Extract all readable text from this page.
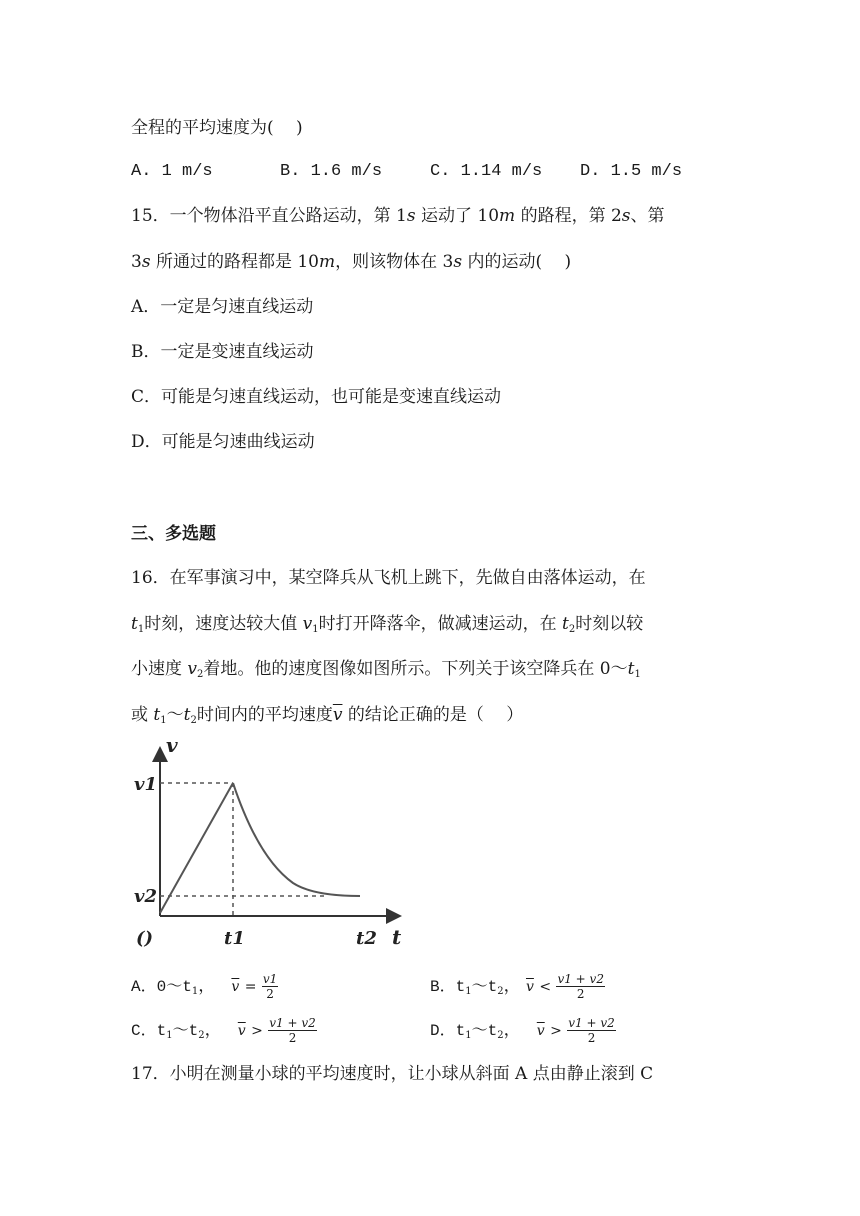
全程的平均速度为(　 )
A. 1 m/s	B. 1.6 m/s	C. 1.14 m/s D. 1.5 m/s
15．一个物体沿平直公路运动，第 1s 运动了 10m 的路程，第 2s、第
3s 所通过的路程都是 10m，则该物体在 3s 内的运动(　 )
A．一定是匀速直线运动
B．一定是变速直线运动
C．可能是匀速直线运动，也可能是变速直线运动
D．可能是匀速曲线运动
三、多选题
16．在军事演习中，某空降兵从飞机上跳下，先做自由落体运动，在
$t_1$时刻，速度达较大值 $v_1$时打开降落伞，做减速运动，在 $t_2$时刻以较
小速度 $v_2$着地。他的速度图像如图所示。下列关于该空降兵在 $0\sim t_1$
或 $t_1\sim t_2$时间内的平均速度$\overline{v}$ 的结论正确的是（　 ）
v
t
()
v1
v2
t1	t2
A．$0\sim t_1$， $\overline{v} = \frac{v1}{2}$	B．$t_1\sim t_2$， $\overline{v} < \frac{v1 + v2}{2}$
C．$t_1\sim t_2$， $\overline{v} > \frac{v1 + v2}{2}$	D．$t_1\sim t_2$， $\overline{v} > \frac{v1 + v2}{2}$
17．小明在测量小球的平均速度时，让小球从斜面 A 点由静止滚到 C
